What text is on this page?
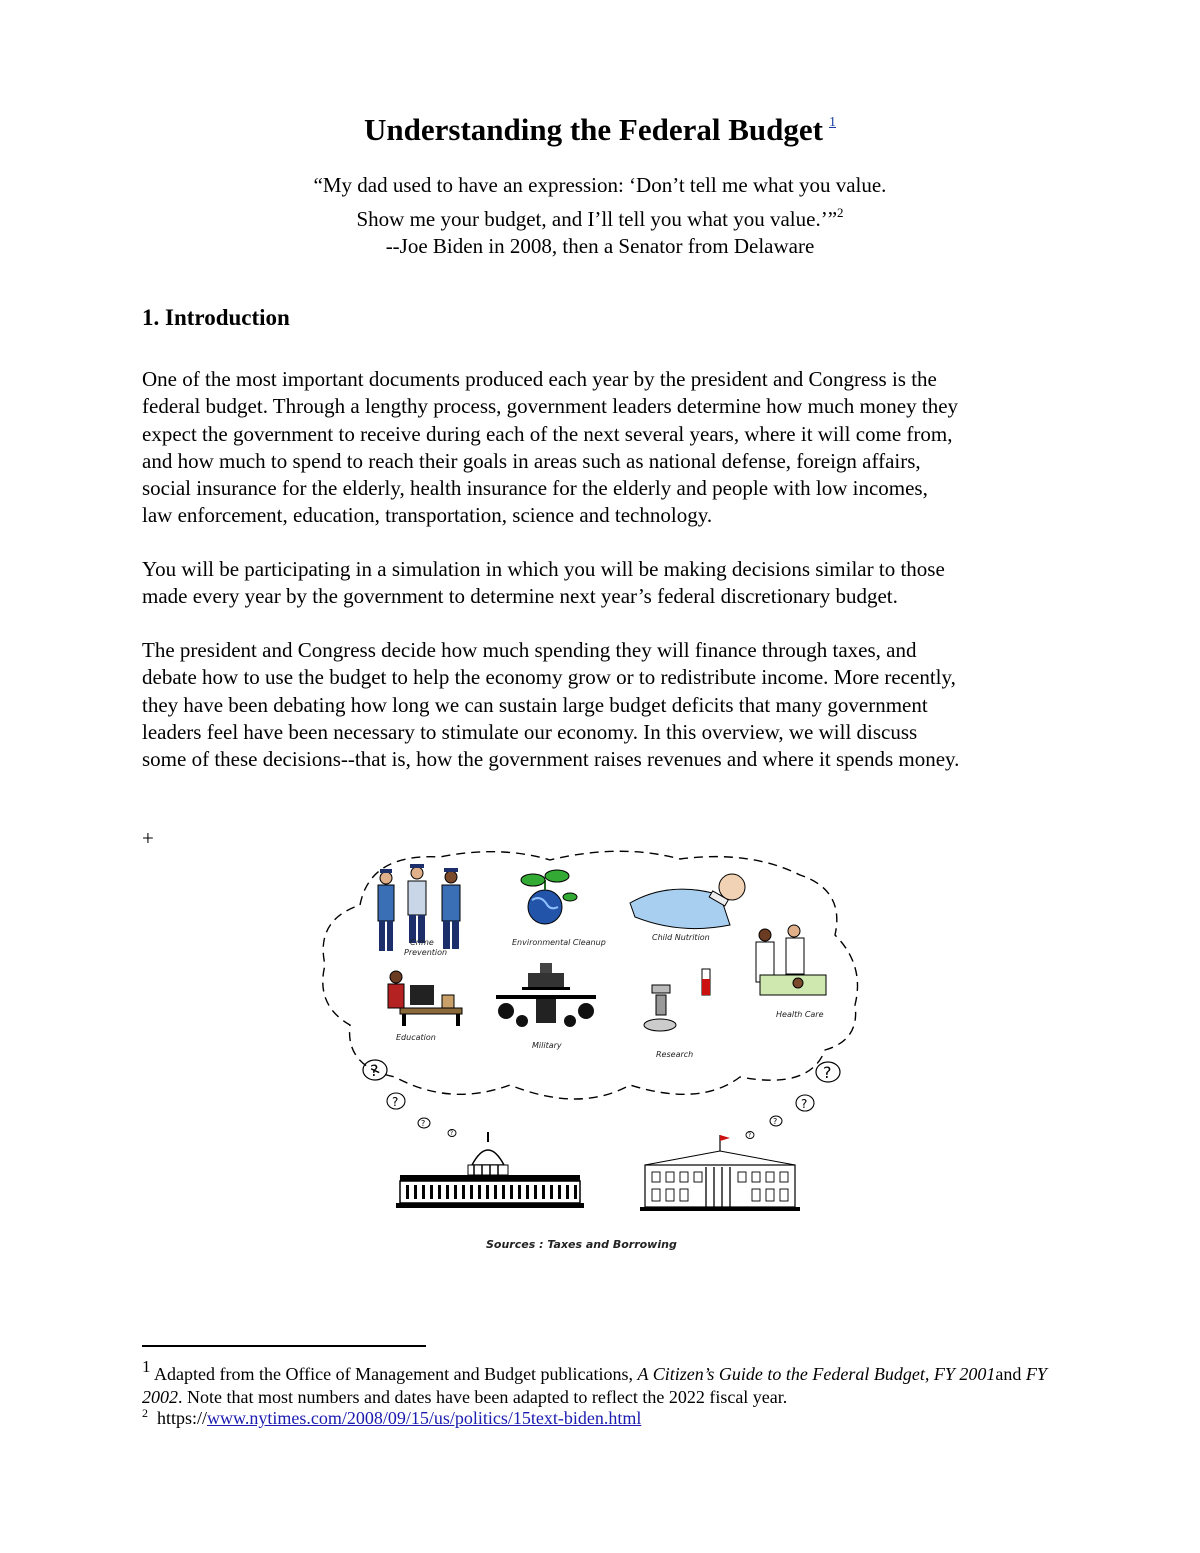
Understanding the Federal Budget $^1$
“My dad used to have an expression: ‘Don’t tell me what you value.
Show me your budget, and I’ll tell you what you value.’”$^2$
--Joe Biden in 2008, then a Senator from Delaware
1. Introduction
One of the most important documents produced each year by the president and Congress is the
federal budget. Through a lengthy process, government leaders determine how much money they
expect the government to receive during each of the next several years, where it will come from,
and how much to spend to reach their goals in areas such as national defense, foreign affairs,
social insurance for the elderly, health insurance for the elderly and people with low incomes,
law enforcement, education, transportation, science and technology.
You will be participating in a simulation in which you will be making decisions similar to those
made every year by the government to determine next year’s federal discretionary budget.
The president and Congress decide how much spending they will finance through taxes, and
debate how to use the budget to help the economy grow or to redistribute income. More recently,
they have been debating how long we can sustain large budget deficits that many government
leaders feel have been necessary to stimulate our economy. In this overview, we will discuss
some of these decisions--that is, how the government raises revenues and where it spends money.
+
Crime
Prevention
Environmental Cleanup
Child Nutrition
Education
Military
Research
Health Care
?
?
?
?
?
?
?
?
Sources : Taxes and Borrowing
$^1$ Adapted from the Office of Management and Budget publications, A Citizen’s Guide to the Federal Budget, FY 2001and FY 2002. Note that most numbers and dates have been adapted to reflect the 2022 fiscal year.
$^2$ https://www.nytimes.com/2008/09/15/us/politics/15text-biden.html
